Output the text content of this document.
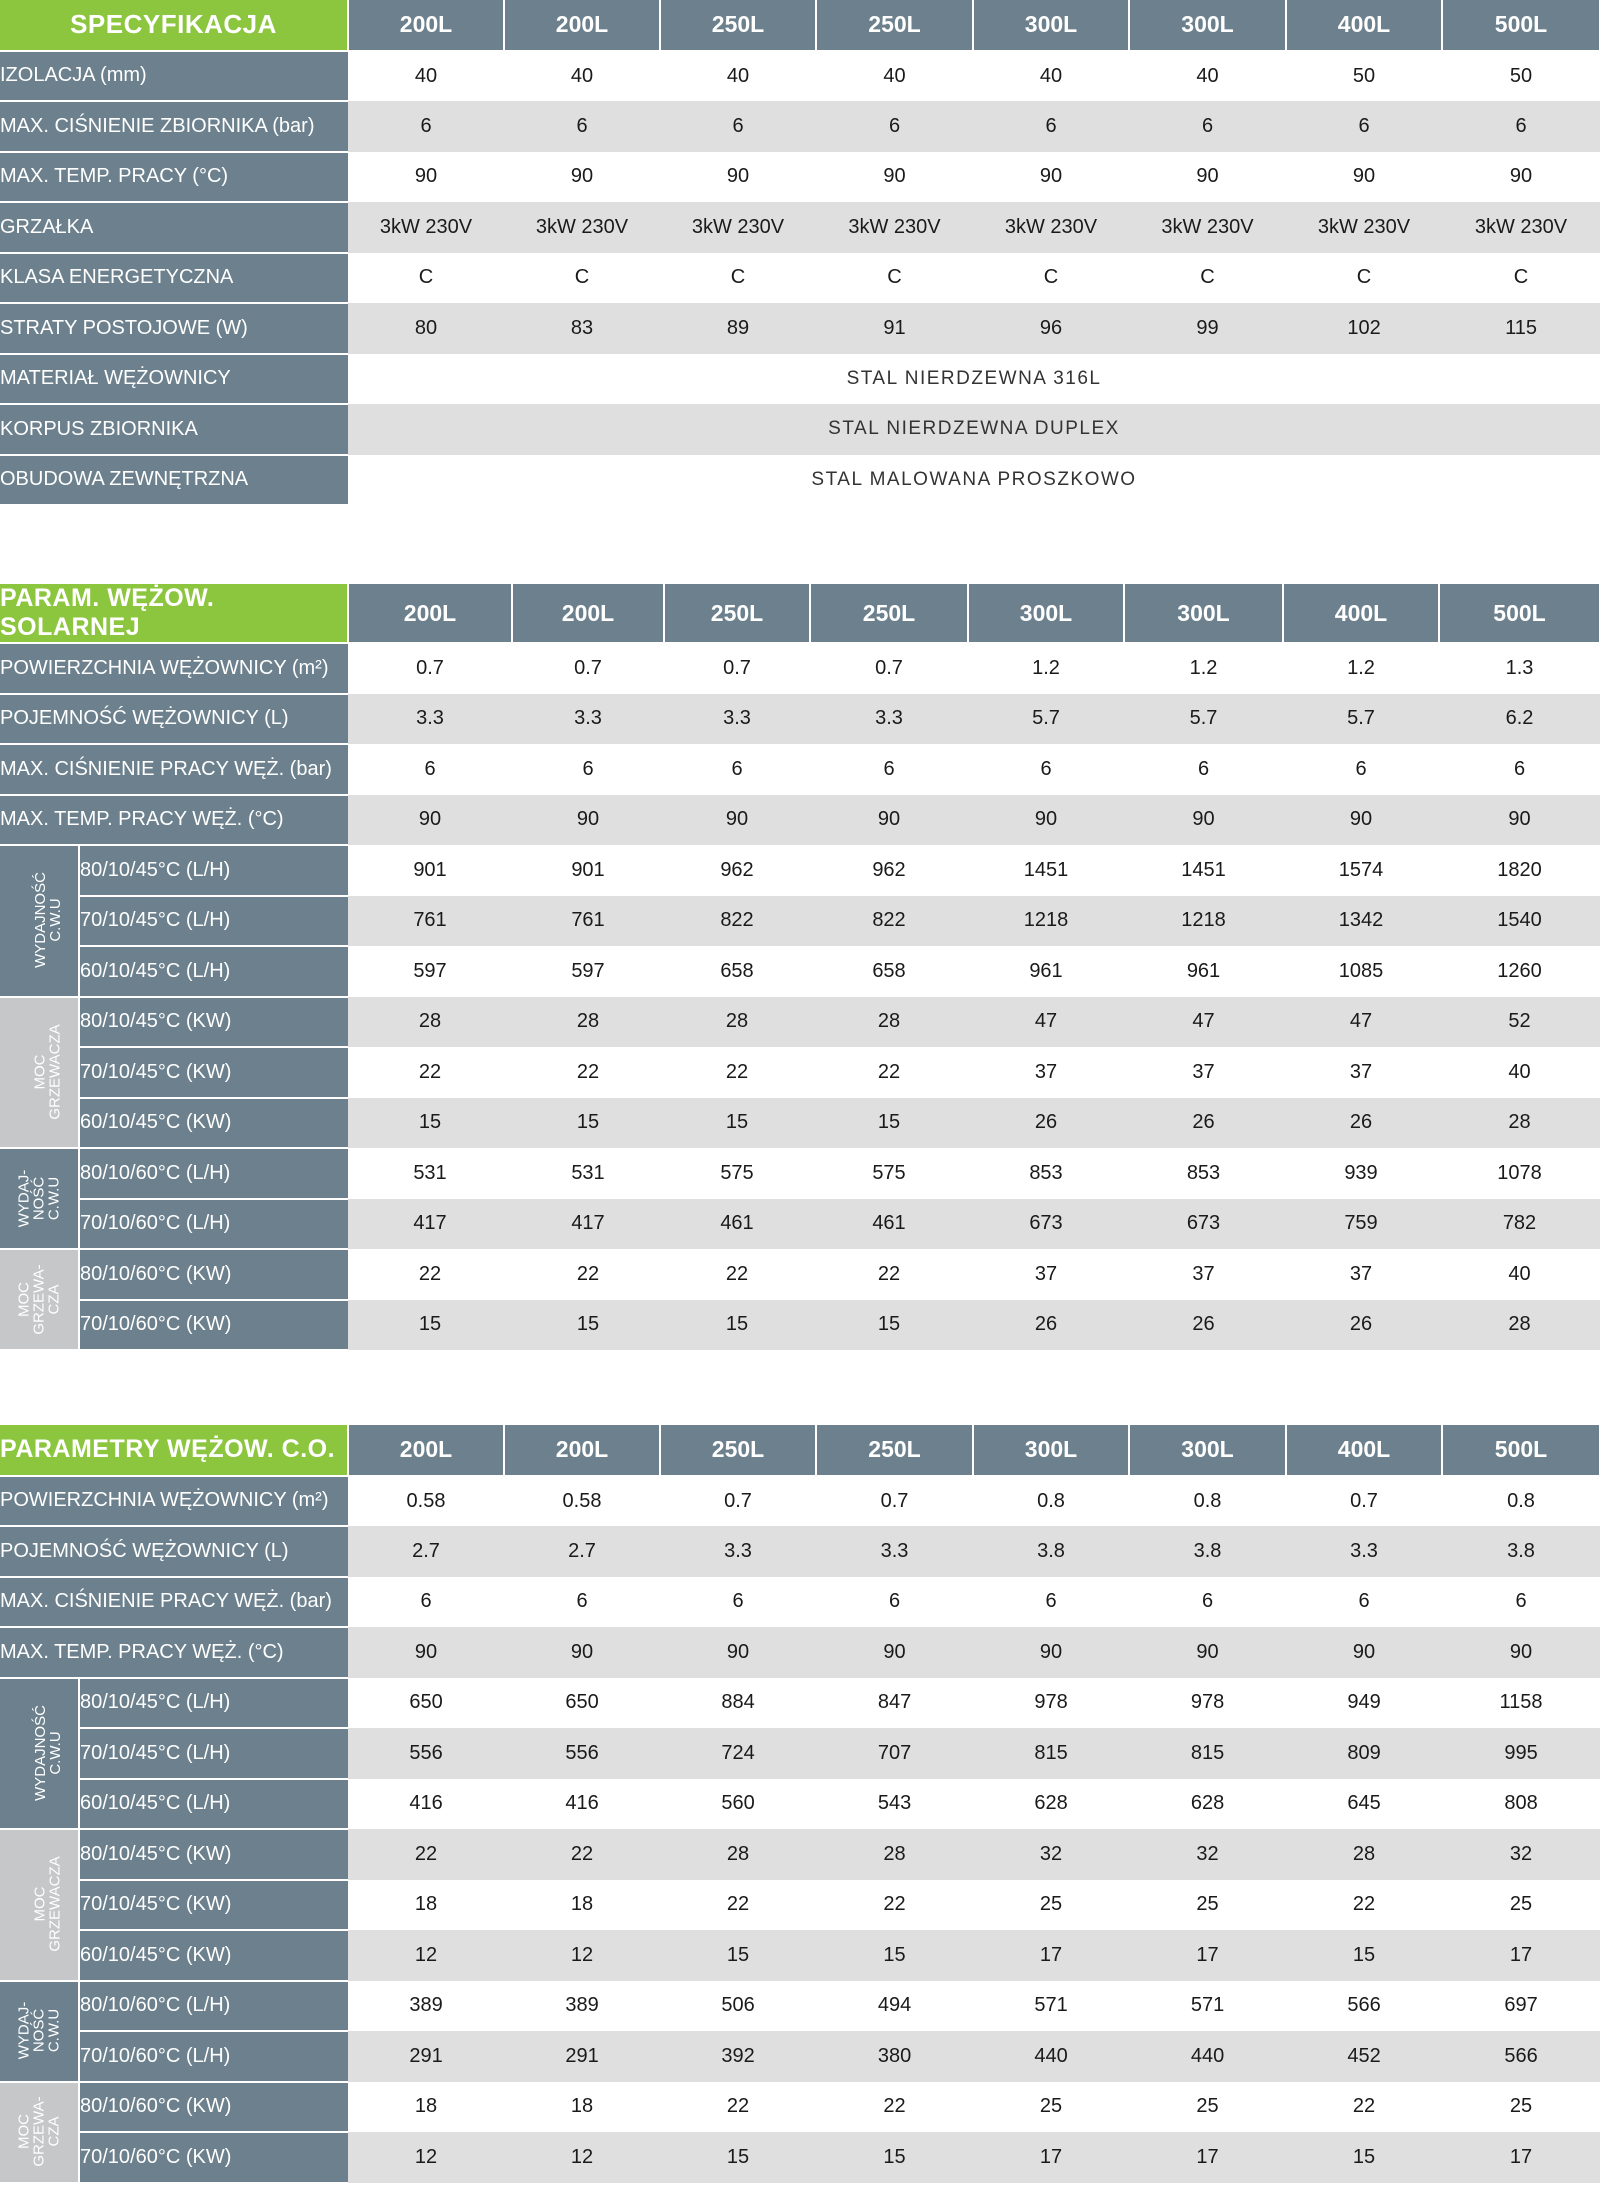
SPECYFIKACJA	200L	200L	250L	250L	300L	300L	400L	500L
IZOLACJA (mm)	40	40	40	40	40	40	50	50
MAX. CIŚNIENIE ZBIORNIKA (bar)	6	6	6	6	6	6	6	6
MAX. TEMP. PRACY (°C)	90	90	90	90	90	90	90	90
GRZAŁKA	3kW 230V	3kW 230V	3kW 230V	3kW 230V	3kW 230V	3kW 230V	3kW 230V	3kW 230V
KLASA ENERGETYCZNA	C	C	C	C	C	C	C	C
STRATY POSTOJOWE (W)	80	83	89	91	96	99	102	115
MATERIAŁ WĘŻOWNICY	STAL NIERDZEWNA 316L							
KORPUS ZBIORNIKA	STAL NIERDZEWNA DUPLEX							
OBUDOWA ZEWNĘTRZNA	STAL MALOWANA PROSZKOWO							
PARAM. WĘŻOW. SOLARNEJ		200L	200L	250L	250L	300L	300L	400L	500L
POWIERZCHNIA WĘŻOWNICY (m²)		0.7	0.7	0.7	0.7	1.2	1.2	1.2	1.3
POJEMNOŚĆ WĘŻOWNICY (L)		3.3	3.3	3.3	3.3	5.7	5.7	5.7	6.2
MAX. CIŚNIENIE PRACY WĘŻ. (bar)		6	6	6	6	6	6	6	6
MAX. TEMP. PRACY WĘŻ. (°C)		90	90	90	90	90	90	90	90
WYDAJNOŚĆ
C.W.U	80/10/45°C (L/H)	901	901	962	962	1451	1451	1574	1820
	70/10/45°C (L/H)	761	761	822	822	1218	1218	1342	1540
	60/10/45°C (L/H)	597	597	658	658	961	961	1085	1260
MOC
GRZEWACZA	80/10/45°C (KW)	28	28	28	28	47	47	47	52
	70/10/45°C (KW)	22	22	22	22	37	37	37	40
	60/10/45°C (KW)	15	15	15	15	26	26	26	28
WYDAJ-
NOŚĆ
C.W.U	80/10/60°C (L/H)	531	531	575	575	853	853	939	1078
	70/10/60°C (L/H)	417	417	461	461	673	673	759	782
MOC
GRZEWA-
CZA	80/10/60°C (KW)	22	22	22	22	37	37	37	40
	70/10/60°C (KW)	15	15	15	15	26	26	26	28
PARAMETRY WĘŻOW. C.O.		200L	200L	250L	250L	300L	300L	400L	500L
POWIERZCHNIA WĘŻOWNICY (m²)		0.58	0.58	0.7	0.7	0.8	0.8	0.7	0.8
POJEMNOŚĆ WĘŻOWNICY (L)		2.7	2.7	3.3	3.3	3.8	3.8	3.3	3.8
MAX. CIŚNIENIE PRACY WĘŻ. (bar)		6	6	6	6	6	6	6	6
MAX. TEMP. PRACY WĘŻ. (°C)		90	90	90	90	90	90	90	90
WYDAJNOŚĆ
C.W.U	80/10/45°C (L/H)	650	650	884	847	978	978	949	1158
	70/10/45°C (L/H)	556	556	724	707	815	815	809	995
	60/10/45°C (L/H)	416	416	560	543	628	628	645	808
MOC
GRZEWACZA	80/10/45°C (KW)	22	22	28	28	32	32	28	32
	70/10/45°C (KW)	18	18	22	22	25	25	22	25
	60/10/45°C (KW)	12	12	15	15	17	17	15	17
WYDAJ-
NOŚĆ
C.W.U	80/10/60°C (L/H)	389	389	506	494	571	571	566	697
	70/10/60°C (L/H)	291	291	392	380	440	440	452	566
MOC
GRZEWA-
CZA	80/10/60°C (KW)	18	18	22	22	25	25	22	25
	70/10/60°C (KW)	12	12	15	15	17	17	15	17
